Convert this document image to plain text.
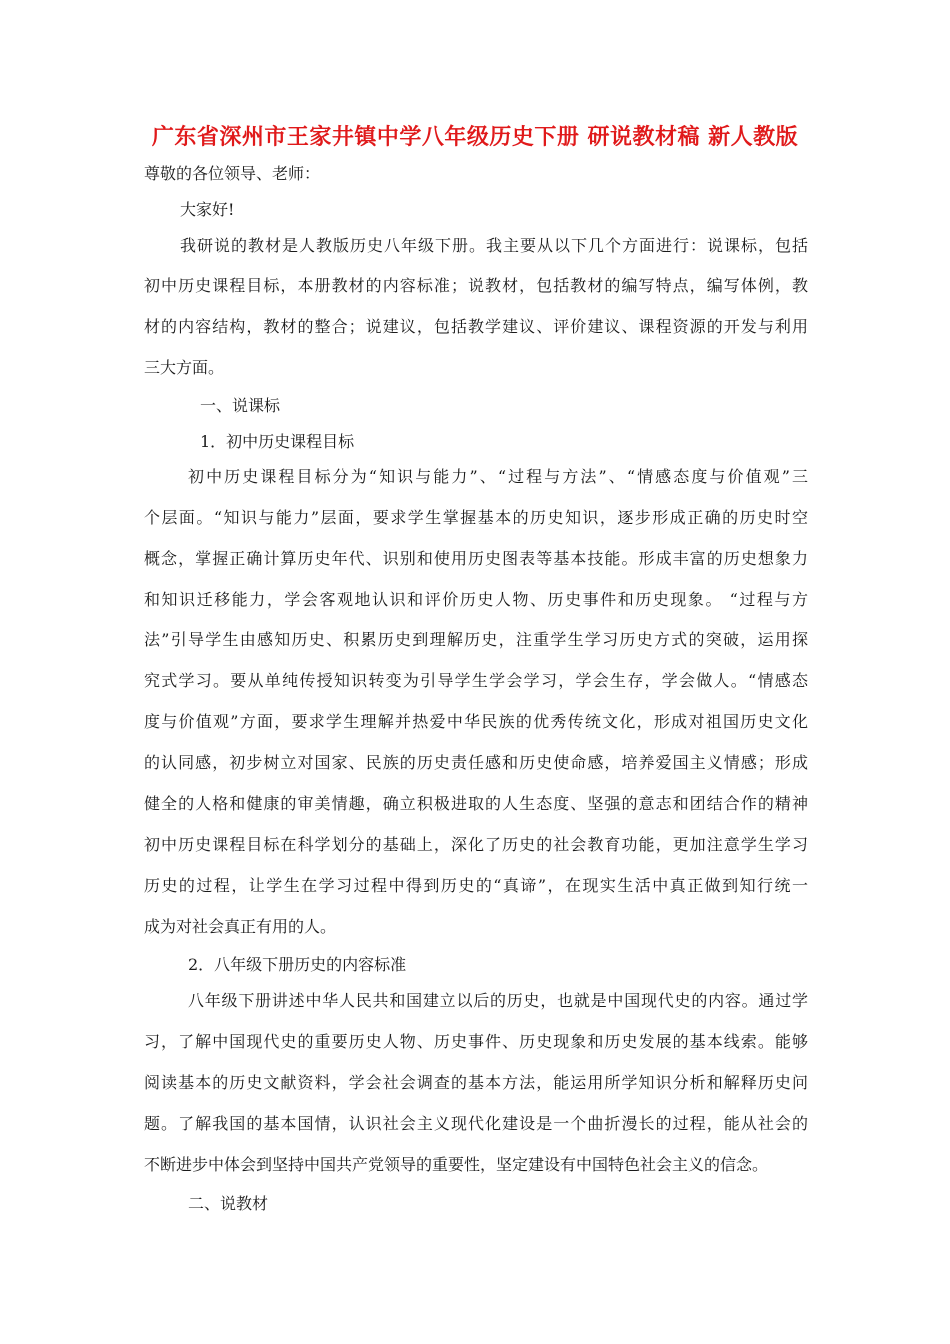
广东省深州市王家井镇中学八年级历史下册 研说教材稿 新人教版
尊敬的各位领导、老师：
大家好!
我研说的教材是人教版历史八年级下册。我主要从以下几个方面进行：说课标，包括
初中历史课程目标，本册教材的内容标准；说教材，包括教材的编写特点，编写体例，教
材的内容结构，教材的整合；说建议，包括教学建议、评价建议、课程资源的开发与利用
三大方面。
一、说课标
1．初中历史课程目标
初中历史课程目标分为“知识与能力”、“过程与方法”、“情感态度与价值观”三
个层面。“知识与能力”层面，要求学生掌握基本的历史知识，逐步形成正确的历史时空
概念，掌握正确计算历史年代、识别和使用历史图表等基本技能。形成丰富的历史想象力
和知识迁移能力，学会客观地认识和评价历史人物、历史事件和历史现象。 “过程与方
法”引导学生由感知历史、积累历史到理解历史，注重学生学习历史方式的突破，运用探
究式学习。要从单纯传授知识转变为引导学生学会学习，学会生存，学会做人。“情感态
度与价值观”方面，要求学生理解并热爱中华民族的优秀传统文化，形成对祖国历史文化
的认同感，初步树立对国家、民族的历史责任感和历史使命感，培养爱国主义情感；形成
健全的人格和健康的审美情趣，确立积极进取的人生态度、坚强的意志和团结合作的精神
初中历史课程目标在科学划分的基础上，深化了历史的社会教育功能，更加注意学生学习
历史的过程，让学生在学习过程中得到历史的“真谛”，在现实生活中真正做到知行统一
成为对社会真正有用的人。
2．八年级下册历史的内容标准
八年级下册讲述中华人民共和国建立以后的历史，也就是中国现代史的内容。通过学
习，了解中国现代史的重要历史人物、历史事件、历史现象和历史发展的基本线索。能够
阅读基本的历史文献资料，学会社会调查的基本方法，能运用所学知识分析和解释历史问
题。了解我国的基本国情，认识社会主义现代化建设是一个曲折漫长的过程，能从社会的
不断进步中体会到坚持中国共产党领导的重要性，坚定建设有中国特色社会主义的信念。
二、说教材
